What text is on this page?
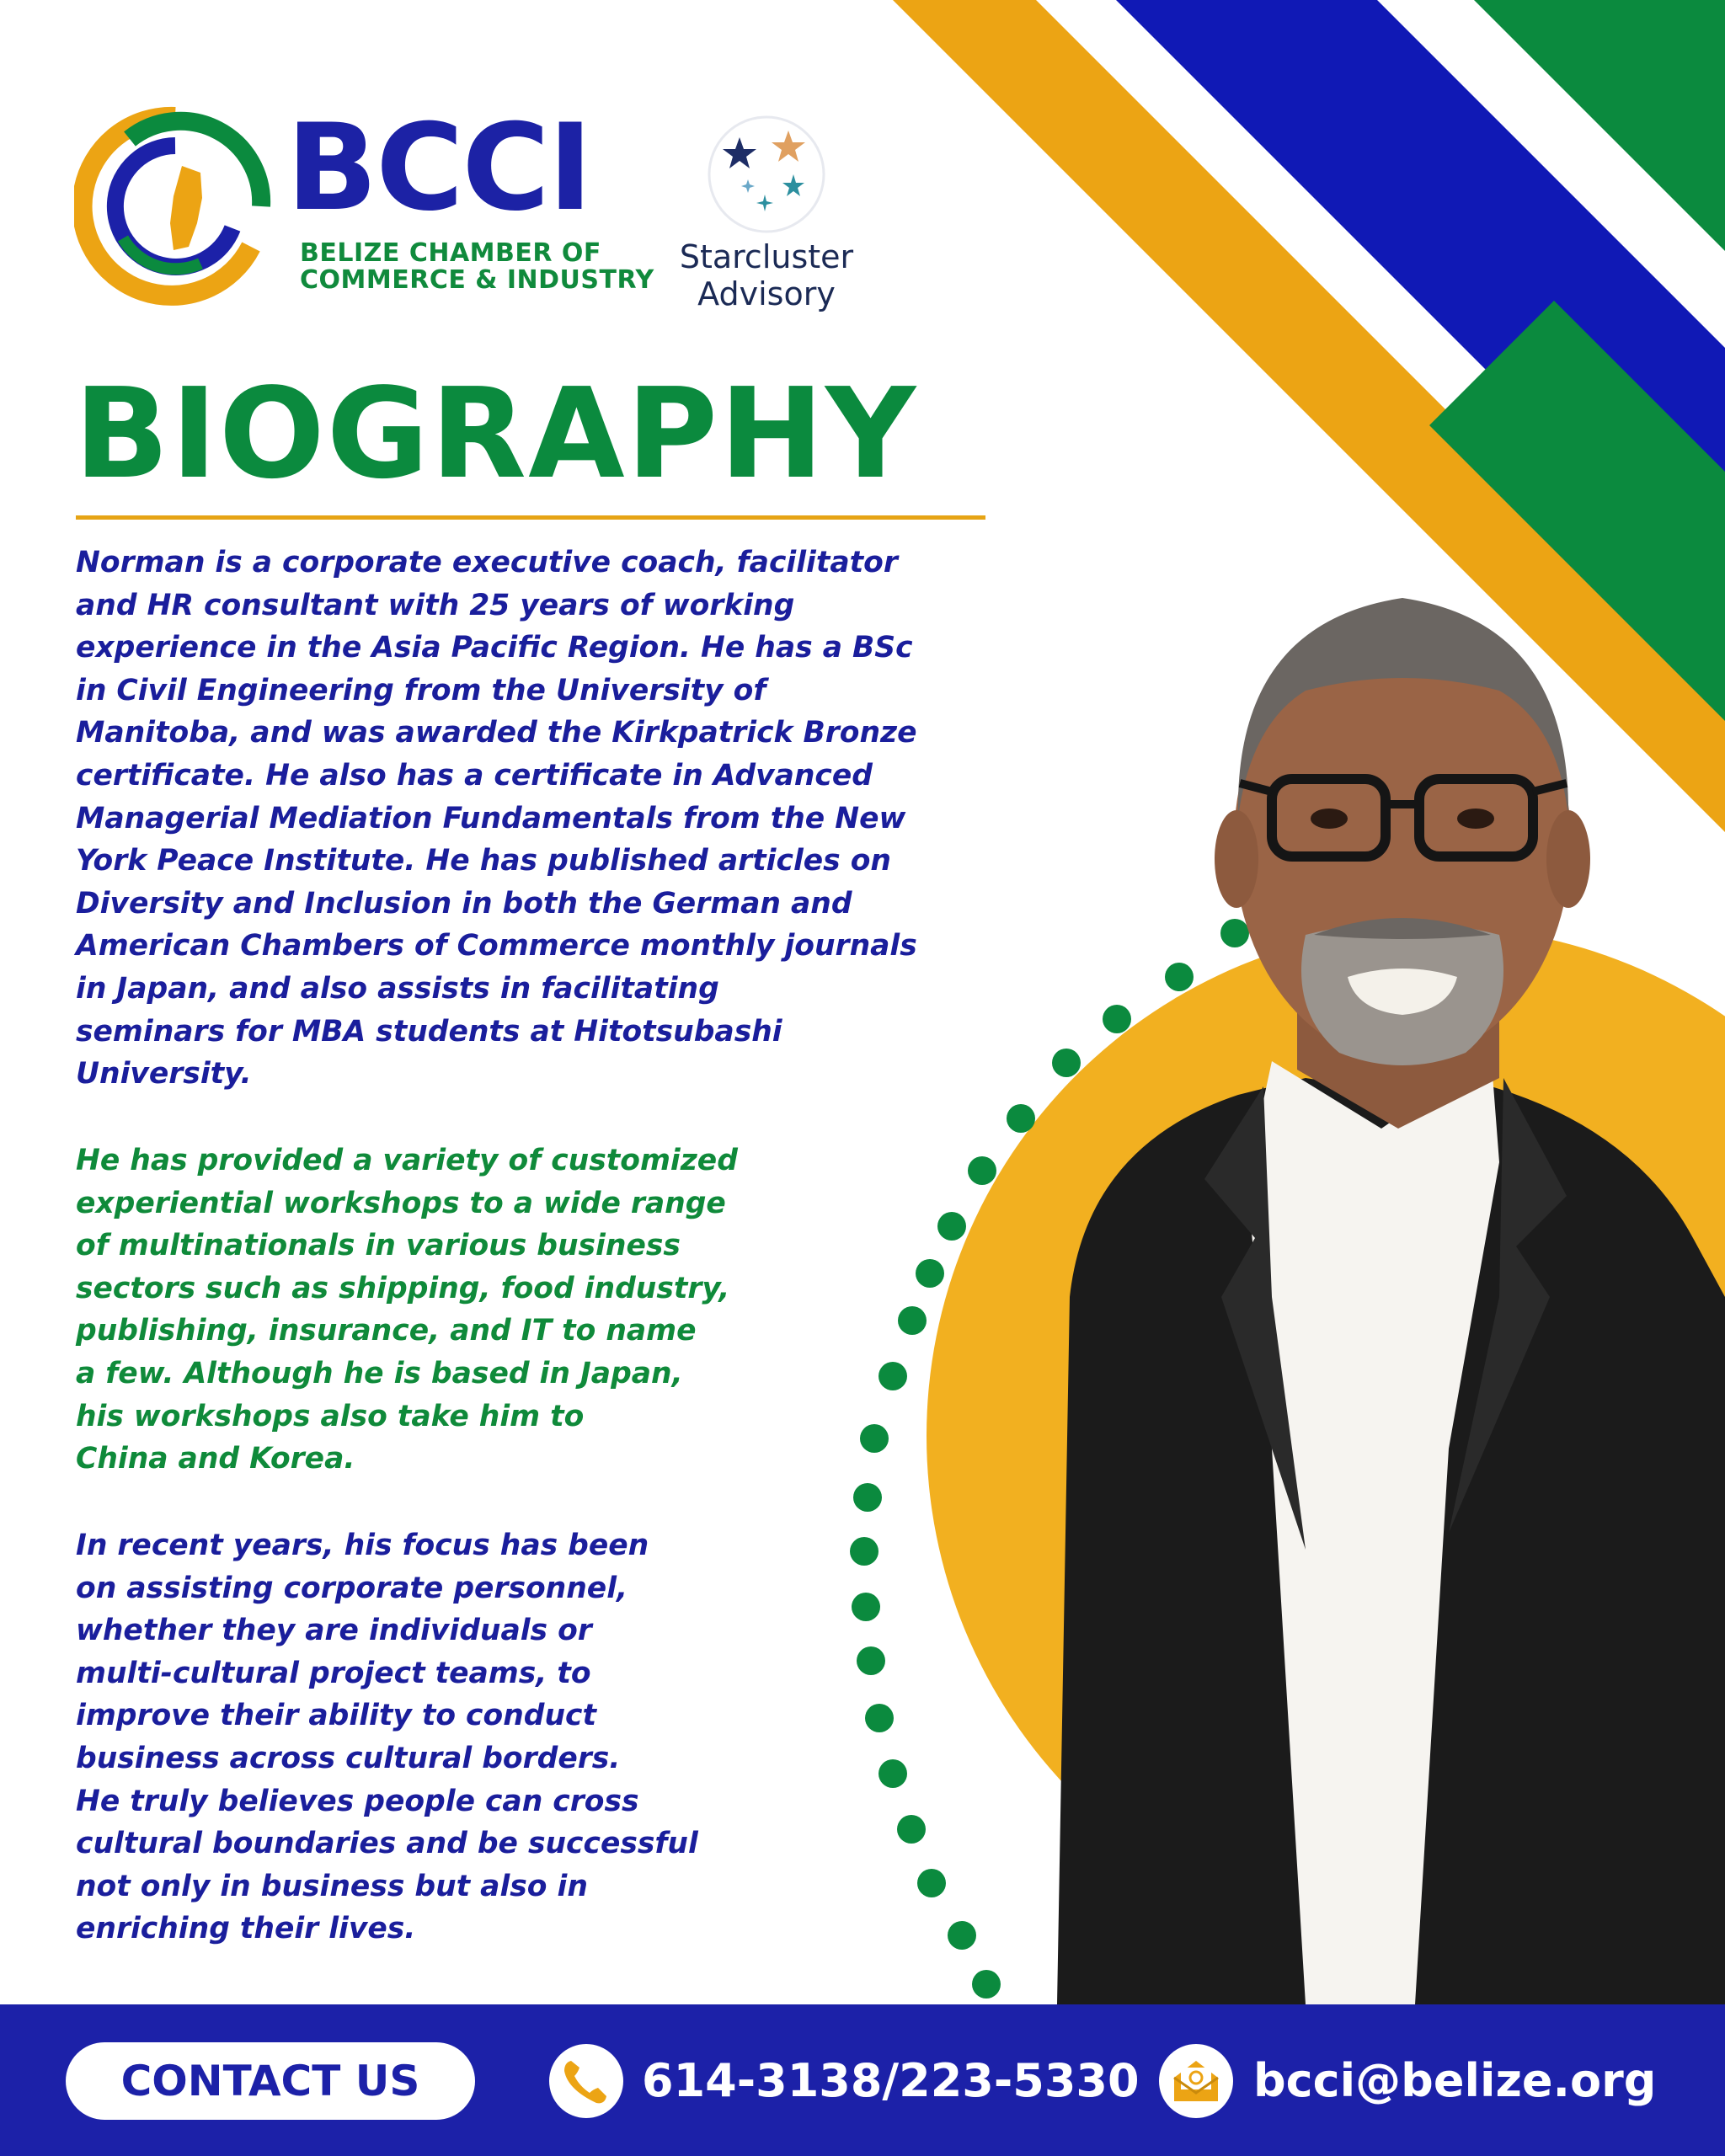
BCCI
BELIZE CHAMBER OF
COMMERCE & INDUSTRY
Starcluster
Advisory
BIOGRAPHY

Norman is a corporate executive coach, facilitator
and HR consultant with 25 years of working
experience in the Asia Pacific Region. He has a BSc
in Civil Engineering from the University of
Manitoba, and was awarded the Kirkpatrick Bronze
certificate. He also has a certificate in Advanced
Managerial Mediation Fundamentals from the New
York Peace Institute. He has published articles on
Diversity and Inclusion in both the German and
American Chambers of Commerce monthly journals
in Japan, and also assists in facilitating
seminars for MBA students at Hitotsubashi
University.

He has provided a variety of customized
experiential workshops to a wide range
of multinationals in various business
sectors such as shipping, food industry,
publishing, insurance, and IT to name
a few. Although he is based in Japan,
his workshops also take him to
China and Korea.

In recent years, his focus has been
on assisting corporate personnel,
whether they are individuals or
multi-cultural project teams, to
improve their ability to conduct
business across cultural borders.
He truly believes people can cross
cultural boundaries and be successful
not only in business but also in
enriching their lives.

CONTACT US	614-3138/223-5330	bcci@belize.org
